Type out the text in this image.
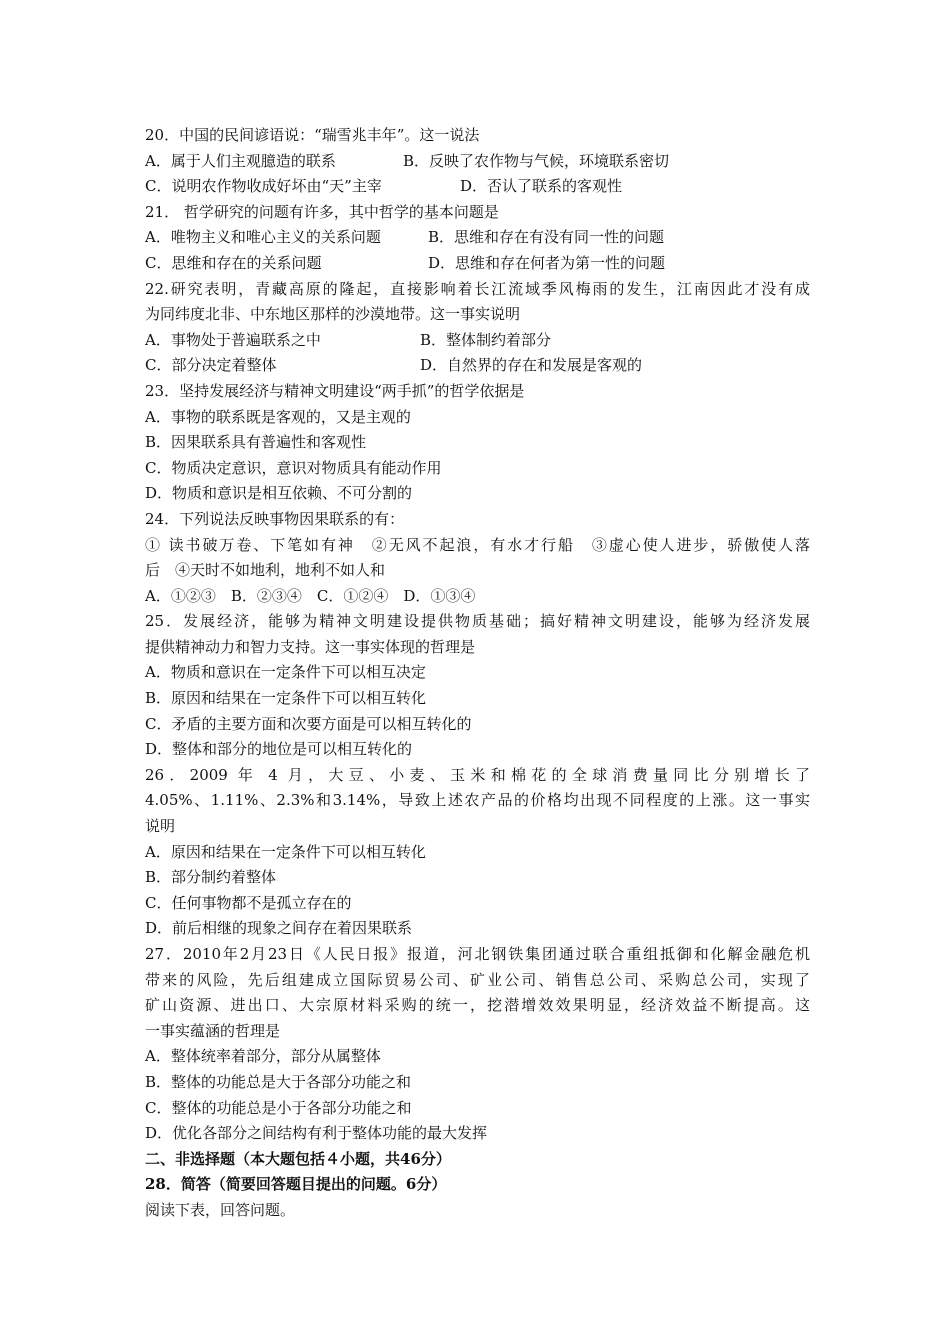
20．中国的民间谚语说：“瑞雪兆丰年”。这一说法
A．属于人们主观臆造的联系	B．反映了农作物与气候，环境联系密切
C．说明农作物收成好坏由“天”主宰	D．否认了联系的客观性
21． 哲学研究的问题有许多，其中哲学的基本问题是
A．唯物主义和唯心主义的关系问题	B．思维和存在有没有同一性的问题
C．思维和存在的关系问题	D．思维和存在何者为第一性的问题
22.研究表明，青藏高原的隆起，直接影响着长江流域季风梅雨的发生，江南因此才没有成
为同纬度北非、中东地区那样的沙漠地带。这一事实说明
A．事物处于普遍联系之中	B．整体制约着部分
C．部分决定着整体	D．自然界的存在和发展是客观的
23．坚持发展经济与精神文明建设“两手抓”的哲学依据是
A．事物的联系既是客观的，又是主观的
B．因果联系具有普遍性和客观性
C．物质决定意识，意识对物质具有能动作用
D．物质和意识是相互依赖、不可分割的
24．下列说法反映事物因果联系的有：
① 读书破万卷、下笔如有神　②无风不起浪，有水才行船　③虚心使人进步，骄傲使人落
后　④天时不如地利，地利不如人和
A．①②③　B．②③④　C．①②④　D．①③④
25．发展经济，能够为精神文明建设提供物质基础；搞好精神文明建设，能够为经济发展
提供精神动力和智力支持。这一事实体现的哲理是
A．物质和意识在一定条件下可以相互决定
B．原因和结果在一定条件下可以相互转化
C．矛盾的主要方面和次要方面是可以相互转化的
D．整体和部分的地位是可以相互转化的
26．2009 年 4 月，大豆、小麦、玉米和棉花的全球消费量同比分别增长了
4.05%、1.11%、2.3%和3.14%，导致上述农产品的价格均出现不同程度的上涨。这一事实
说明
A．原因和结果在一定条件下可以相互转化
B．部分制约着整体
C．任何事物都不是孤立存在的
D．前后相继的现象之间存在着因果联系
27．2010年2月23日《人民日报》报道，河北钢铁集团通过联合重组抵御和化解金融危机
带来的风险，先后组建成立国际贸易公司、矿业公司、销售总公司、采购总公司，实现了
矿山资源、进出口、大宗原材料采购的统一，挖潜增效效果明显，经济效益不断提高。这
一事实蕴涵的哲理是
A．整体统率着部分，部分从属整体
B．整体的功能总是大于各部分功能之和
C．整体的功能总是小于各部分功能之和
D．优化各部分之间结构有利于整体功能的最大发挥
二、非选择题（本大题包括４小题，共46分）
28．简答（简要回答题目提出的问题。6分）
阅读下表，回答问题。
